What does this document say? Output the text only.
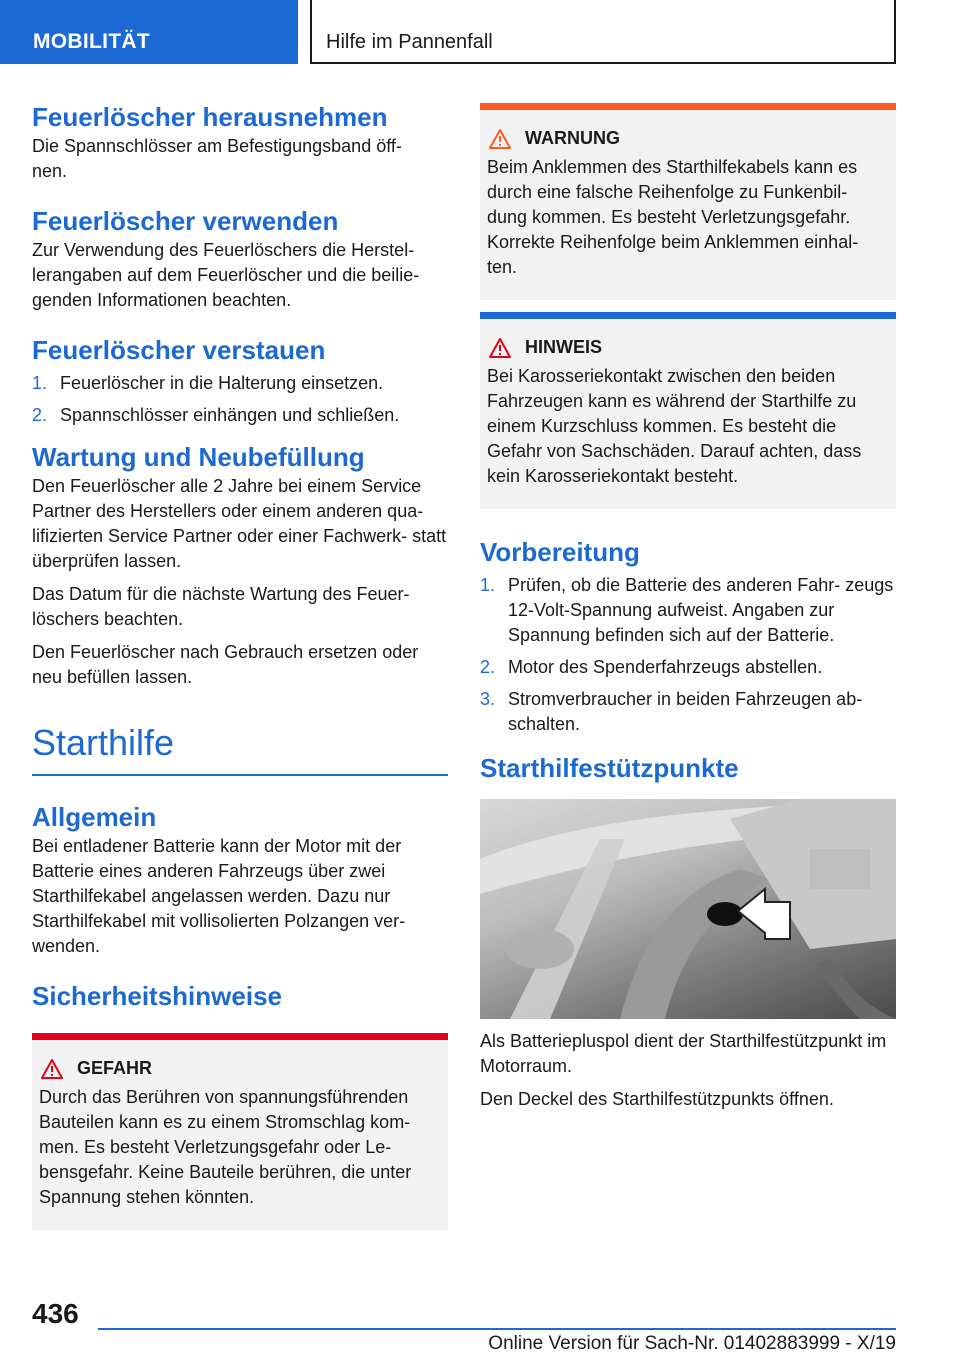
MOBILITÄT	Hilfe im Pannenfall
Feuerlöscher herausnehmen

Die Spannschlösser am Befestigungsband öff‐ nen.

Feuerlöscher verwenden

Zur Verwendung des Feuerlöschers die Herstel‐ lerangaben auf dem Feuerlöscher und die beilie‐ genden Informationen beachten.

Feuerlöscher verstauen
1. Feuerlöscher in die Halterung einsetzen.
2. Spannschlösser einhängen und schließen.
Wartung und Neubefüllung

Den Feuerlöscher alle 2 Jahre bei einem Service Partner des Herstellers oder einem anderen qua‐ lifizierten Service Partner oder einer Fachwerk‐ statt überprüfen lassen.

Das Datum für die nächste Wartung des Feuer‐ löschers beachten.

Den Feuerlöscher nach Gebrauch ersetzen oder neu befüllen lassen.

Starthilfe
Allgemein

Bei entladener Batterie kann der Motor mit der Batterie eines anderen Fahrzeugs über zwei Starthilfekabel angelassen werden. Dazu nur Starthilfekabel mit vollisolierten Polzangen ver‐ wenden.

Sicherheitshinweise
GEFAHR

Durch das Berühren von spannungsführenden Bauteilen kann es zu einem Stromschlag kom‐ men. Es besteht Verletzungsgefahr oder Le‐ bensgefahr. Keine Bauteile berühren, die unter Spannung stehen könnten.

WARNUNG

Beim Anklemmen des Starthilfekabels kann es durch eine falsche Reihenfolge zu Funkenbil‐ dung kommen. Es besteht Verletzungsgefahr. Korrekte Reihenfolge beim Anklemmen einhal‐ ten.

HINWEIS

Bei Karosseriekontakt zwischen den beiden Fahrzeugen kann es während der Starthilfe zu einem Kurzschluss kommen. Es besteht die Gefahr von Sachschäden. Darauf achten, dass kein Karosseriekontakt besteht.

Vorbereitung
1. Prüfen, ob die Batterie des anderen Fahr‐ zeugs 12-Volt-Spannung aufweist. Angaben zur Spannung befinden sich auf der Batterie.
2. Motor des Spenderfahrzeugs abstellen.
3. Stromverbraucher in beiden Fahrzeugen ab‐ schalten.
Starthilfestützpunkte

Als Batteriepluspol dient der Starthilfestützpunkt im Motorraum.

Den Deckel des Starthilfestützpunkts öffnen.

436
Online Version für Sach-Nr. 01402883999 - X/19
